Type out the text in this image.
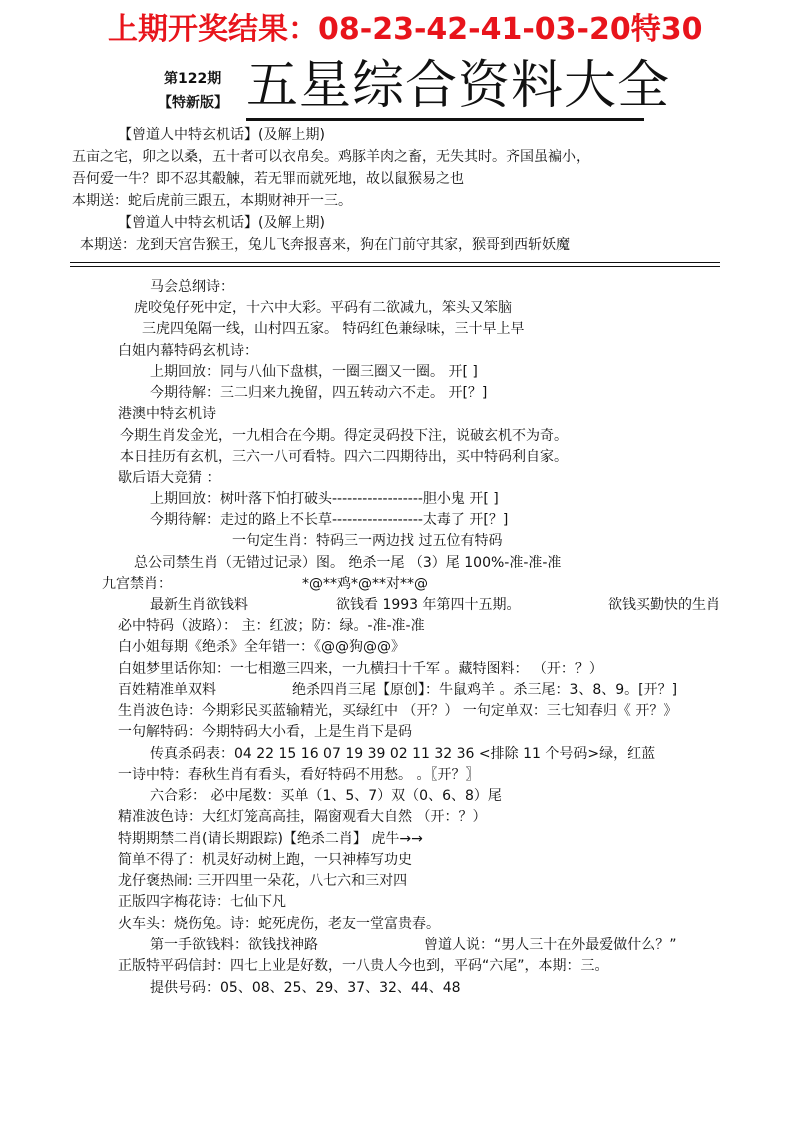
上期开奖结果：08-23-42-41-03-20特30
第122期
【特新版】 五星综合资料大全
【曾道人中特玄机话】(及解上期)
五亩之宅，卯之以桑，五十者可以衣帛矣。鸡豚羊肉之畜，无失其时。齐国虽褊小，
吾何爱一牛？即不忍其觳觫，若无罪而就死地，故以鼠猴易之也
本期送：蛇后虎前三跟五，本期财神开一三。
【曾道人中特玄机话】(及解上期)
本期送：龙到天宫告猴王，兔儿飞奔报喜来，狗在门前守其家，猴哥到西斩妖魔
马会总纲诗：
虎咬兔仔死中定，十六中大彩。平码有二欲减九，笨头又笨脑
三虎四兔隔一线，山村四五家。 特码红色兼绿味，三十早上早
白姐内幕特码玄机诗：
上期回放：同与八仙下盘棋，一圈三圈又一圈。 开[ ]
今期待解：三二归来九挽留，四五转动六不走。 开[？]
港澳中特玄机诗
今期生肖发金光，一九相合在今期。得定灵码投下注，说破玄机不为奇。
本日挂历有玄机，三六一八可看特。四六二四期待出，买中特码利自家。
歇后语大竞猜 ：
上期回放：树叶落下怕打破头------------------胆小鬼 开[ ]
今期待解：走过的路上不长草------------------太毒了 开[？]
一句定生肖：特码三一两边找 过五位有特码
总公司禁生肖（无错过记录）图。 绝杀一尾 （3）尾 100%-准-准-准
九宫禁肖：	*@**鸡*@**对**@
最新生肖欲钱料	欲钱看 1993 年第四十五期。	欲钱买勤快的生肖
必中特码（波路）： 主：红波；防：绿。-准-准-准
白小姐每期《绝杀》全年错一：《@@狗@@》
白姐梦里话你知：一七相邀三四来，一九横扫十千军 。藏特图料： （开：？）
百姓精准单双料	绝杀四肖三尾【原创】：牛鼠鸡羊 。杀三尾：3、8、9。[开？]
生肖波色诗：今期彩民买蓝输精光，买绿红中 （开？） 一句定单双：三七知春归《 开？》
一句解特码：今期特码大小看，上是生肖下是码
传真杀码表：04 22 15 16 07 19 39 02 11 32 36 <排除 11 个号码>绿，红蓝
一诗中特：春秋生肖有看头，看好特码不用愁。 。〖开？〗
六合彩： 必中尾数：买单（1、5、7）双（0、6、8）尾
精准波色诗：大红灯笼高高挂，隔窗观看大自然 （开：？）
特期期禁二肖(请长期跟踪)【绝杀二肖】 虎牛→→
简单不得了：机灵好动树上跑，一只神棒写功史
龙仔褒热闹: 三开四里一朵花，八七六和三对四
正版四字梅花诗：七仙下凡
火车头：烧伤兔。诗：蛇死虎伤，老友一堂富贵春。
第一手欲钱料：欲钱找神路	曾道人说：“男人三十在外最爱做什么？”
正版特平码信封：四七上业是好数，一八贵人今也到，平码“六尾”，本期：三。
提供号码：05、08、25、29、37、32、44、48
